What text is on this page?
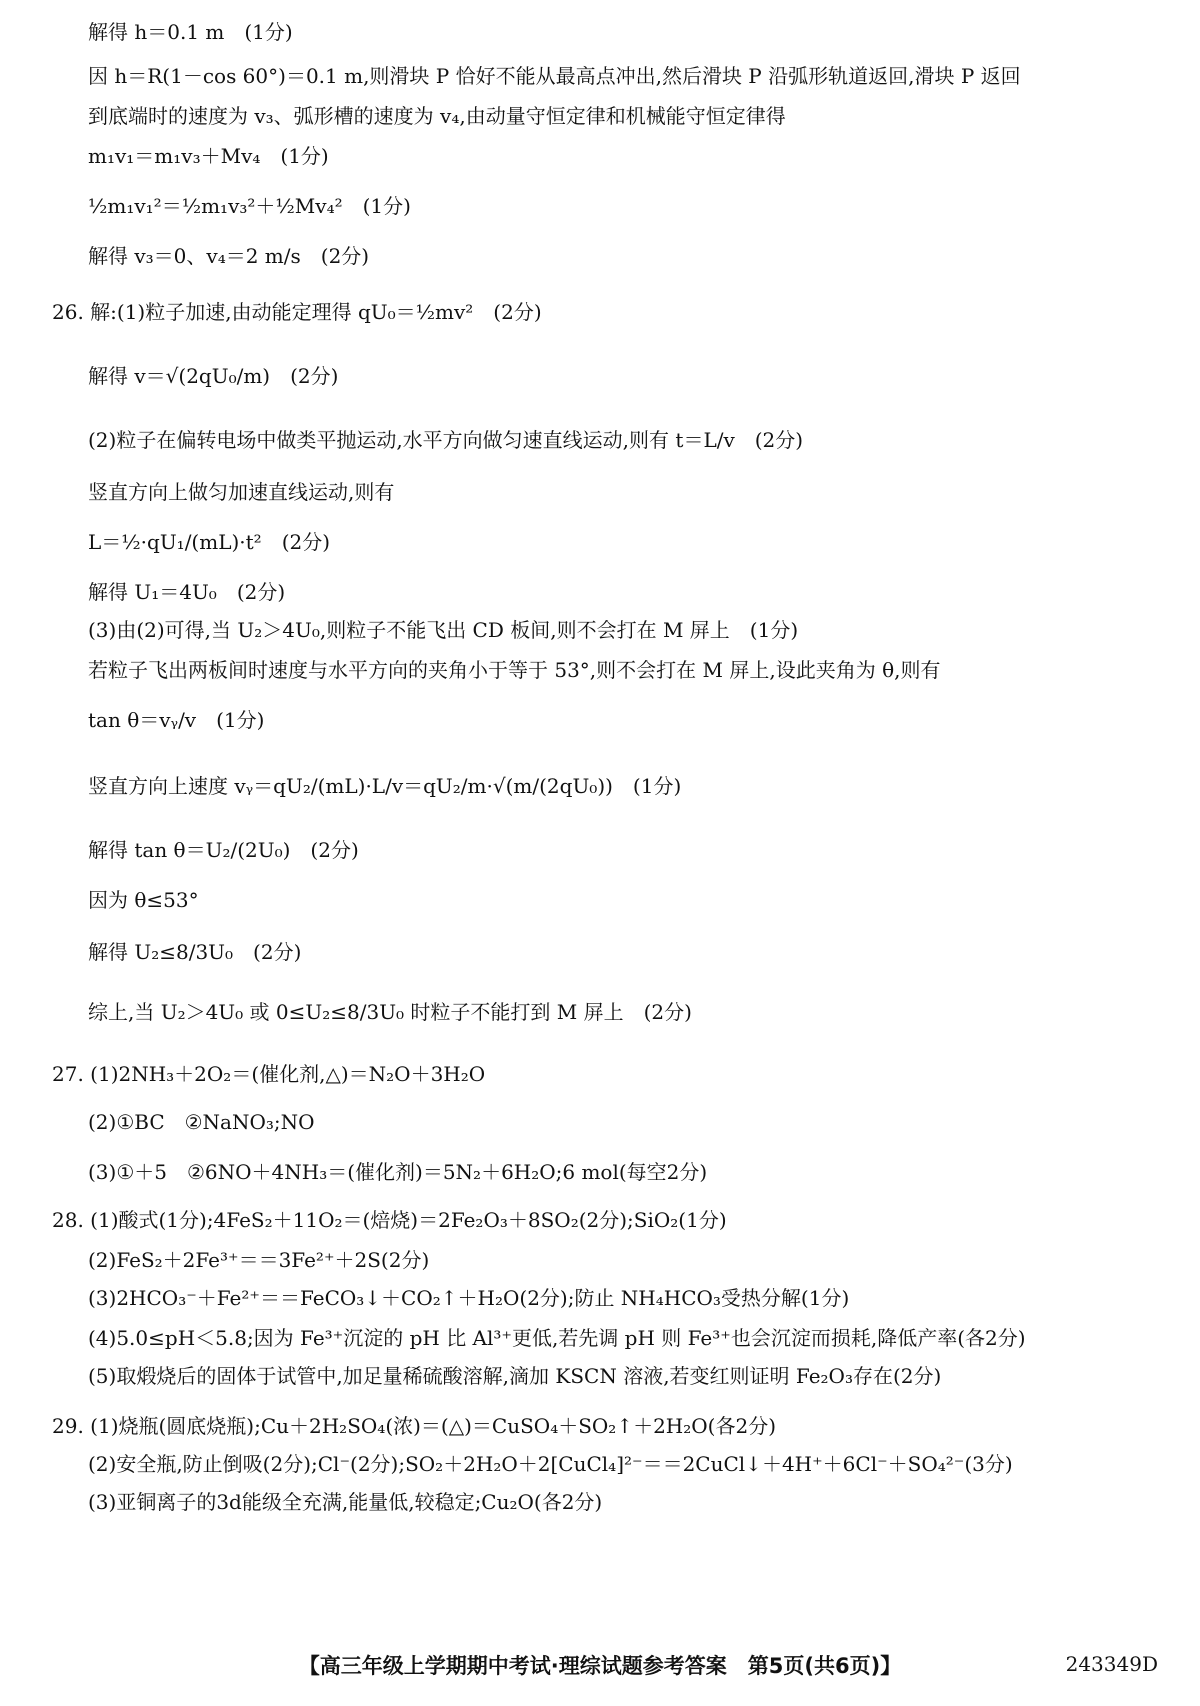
解得 h＝0.1 m　(1分)
因 h＝R(1－cos 60°)＝0.1 m,则滑块 P 恰好不能从最高点冲出,然后滑块 P 沿弧形轨道返回,滑块 P 返回
到底端时的速度为 v₃、弧形槽的速度为 v₄,由动量守恒定律和机械能守恒定律得
m₁v₁＝m₁v₃＋Mv₄　(1分)
½m₁v₁²＝½m₁v₃²＋½Mv₄²　(1分)
解得 v₃＝0、v₄＝2 m/s　(2分)
26. 解:(1)粒子加速,由动能定理得 qU₀＝½mv²　(2分)
解得 v＝√(2qU₀/m)　(2分)
(2)粒子在偏转电场中做类平抛运动,水平方向做匀速直线运动,则有 t＝L/v　(2分)
竖直方向上做匀加速直线运动,则有
L＝½·qU₁/(mL)·t²　(2分)
解得 U₁＝4U₀　(2分)
(3)由(2)可得,当 U₂＞4U₀,则粒子不能飞出 CD 板间,则不会打在 M 屏上　(1分)
若粒子飞出两板间时速度与水平方向的夹角小于等于 53°,则不会打在 M 屏上,设此夹角为 θ,则有
tan θ＝vᵧ/v　(1分)
竖直方向上速度 vᵧ＝qU₂/(mL)·L/v＝qU₂/m·√(m/(2qU₀))　(1分)
解得 tan θ＝U₂/(2U₀)　(2分)
因为 θ≤53°
解得 U₂≤8/3U₀　(2分)
综上,当 U₂＞4U₀ 或 0≤U₂≤8/3U₀ 时粒子不能打到 M 屏上　(2分)
27. (1)2NH₃＋2O₂＝(催化剂,△)＝N₂O＋3H₂O
(2)①BC　②NaNO₃;NO
(3)①＋5　②6NO＋4NH₃＝(催化剂)＝5N₂＋6H₂O;6 mol(每空2分)
28. (1)酸式(1分);4FeS₂＋11O₂＝(焙烧)＝2Fe₂O₃＋8SO₂(2分);SiO₂(1分)
(2)FeS₂＋2Fe³⁺＝＝3Fe²⁺＋2S(2分)
(3)2HCO₃⁻＋Fe²⁺＝＝FeCO₃↓＋CO₂↑＋H₂O(2分);防止 NH₄HCO₃受热分解(1分)
(4)5.0≤pH＜5.8;因为 Fe³⁺沉淀的 pH 比 Al³⁺更低,若先调 pH 则 Fe³⁺也会沉淀而损耗,降低产率(各2分)
(5)取煅烧后的固体于试管中,加足量稀硫酸溶解,滴加 KSCN 溶液,若变红则证明 Fe₂O₃存在(2分)
29. (1)烧瓶(圆底烧瓶);Cu＋2H₂SO₄(浓)＝(△)＝CuSO₄＋SO₂↑＋2H₂O(各2分)
(2)安全瓶,防止倒吸(2分);Cl⁻(2分);SO₂＋2H₂O＋2[CuCl₄]²⁻＝＝2CuCl↓＋4H⁺＋6Cl⁻＋SO₄²⁻(3分)
(3)亚铜离子的3d能级全充满,能量低,较稳定;Cu₂O(各2分)
【高三年级上学期期中考试·理综试题参考答案　第5页(共6页)】	243349D
